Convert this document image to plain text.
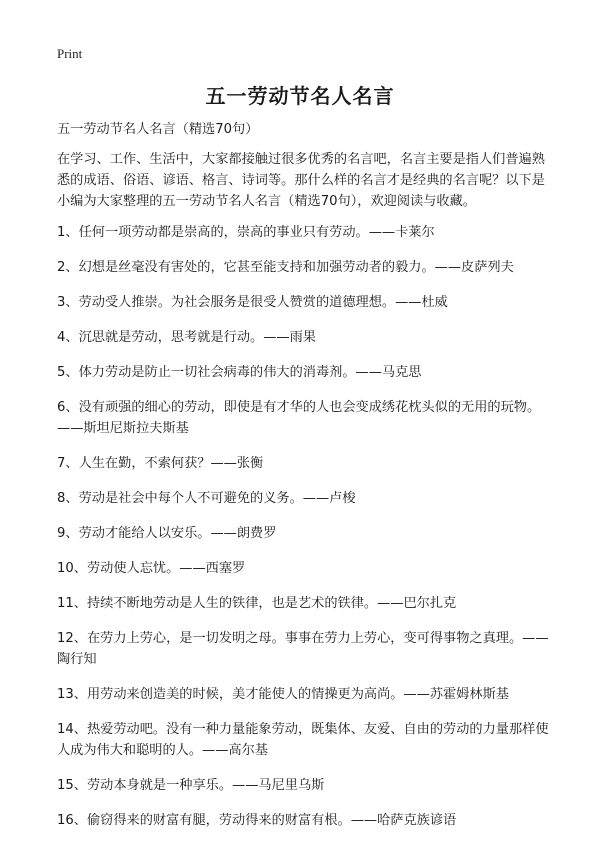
Print
五一劳动节名人名言

五一劳动节名人名言（精选70句）

在学习、工作、生活中，大家都接触过很多优秀的名言吧，名言主要是指人们普遍熟悉的成语、俗语、谚语、格言、诗词等。那什么样的名言才是经典的名言呢？以下是小编为大家整理的五一劳动节名人名言（精选70句），欢迎阅读与收藏。

1、任何一项劳动都是崇高的，崇高的事业只有劳动。——卡莱尔

2、幻想是丝毫没有害处的，它甚至能支持和加强劳动者的毅力。——皮萨列夫

3、劳动受人推崇。为社会服务是很受人赞赏的道德理想。——杜威

4、沉思就是劳动，思考就是行动。——雨果

5、体力劳动是防止一切社会病毒的伟大的消毒剂。——马克思

6、没有顽强的细心的劳动，即使是有才华的人也会变成绣花枕头似的无用的玩物。——斯坦尼斯拉夫斯基

7、人生在勤，不索何获？——张衡

8、劳动是社会中每个人不可避免的义务。——卢梭

9、劳动才能给人以安乐。——朗费罗

10、劳动使人忘忧。——西塞罗

11、持续不断地劳动是人生的铁律，也是艺术的铁律。——巴尔扎克

12、在劳力上劳心，是一切发明之母。事事在劳力上劳心，变可得事物之真理。——陶行知

13、用劳动来创造美的时候，美才能使人的情操更为高尚。——苏霍姆林斯基

14、热爱劳动吧。没有一种力量能象劳动，既集体、友爱、自由的劳动的力量那样使人成为伟大和聪明的人。——高尔基

15、劳动本身就是一种享乐。——马尼里乌斯

16、偷窃得来的财富有腿，劳动得来的财富有根。——哈萨克族谚语
